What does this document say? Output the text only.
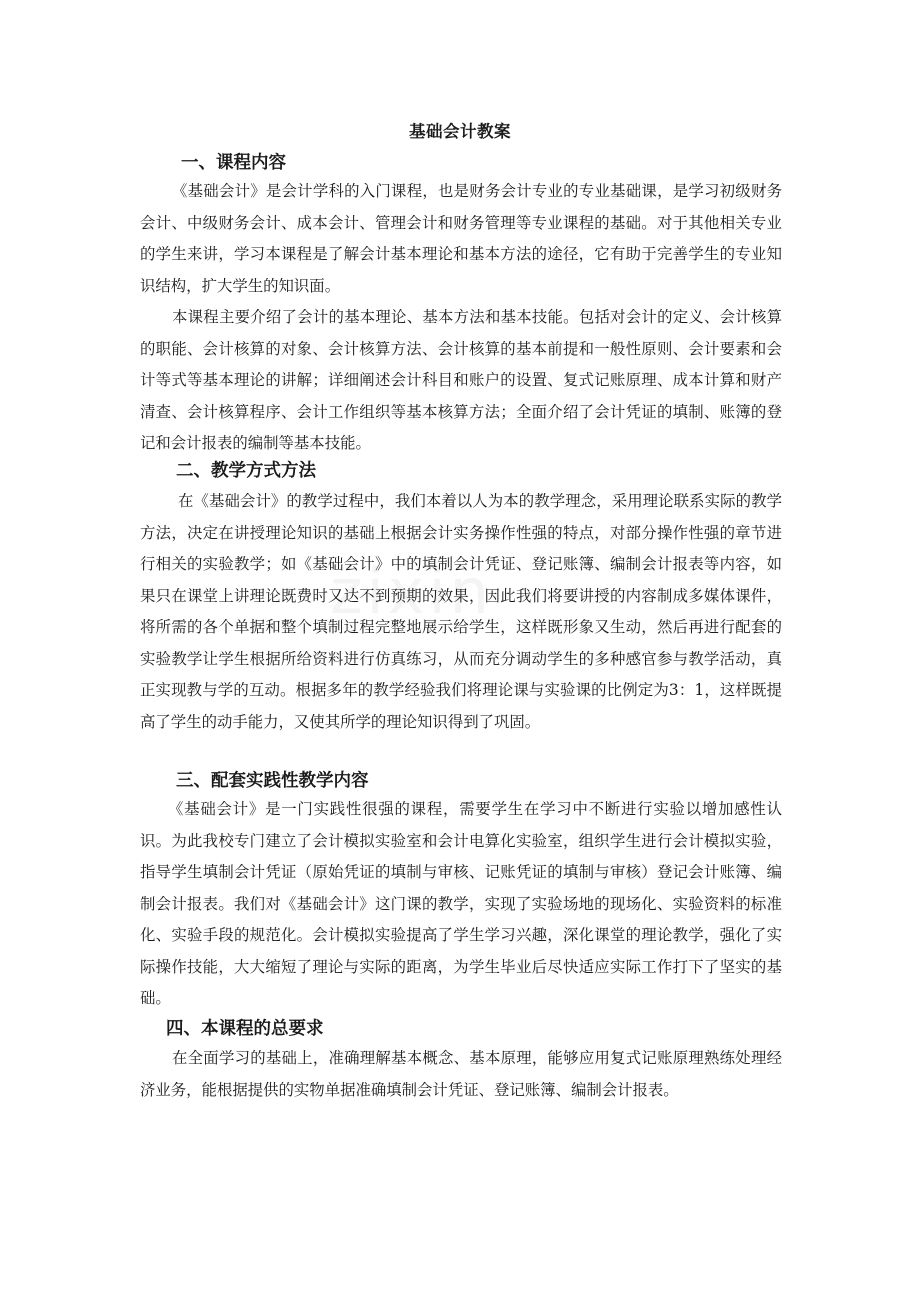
zixin
基础会计教案
一、课程内容
《基础会计》是会计学科的入门课程，也是财务会计专业的专业基础课，是学习初级财务会计、中级财务会计、成本会计、管理会计和财务管理等专业课程的基础。对于其他相关专业的学生来讲，学习本课程是了解会计基本理论和基本方法的途径，它有助于完善学生的专业知识结构，扩大学生的知识面。
本课程主要介绍了会计的基本理论、基本方法和基本技能。包括对会计的定义、会计核算的职能、会计核算的对象、会计核算方法、会计核算的基本前提和一般性原则、会计要素和会计等式等基本理论的讲解；详细阐述会计科目和账户的设置、复式记账原理、成本计算和财产清查、会计核算程序、会计工作组织等基本核算方法；全面介绍了会计凭证的填制、账簿的登记和会计报表的编制等基本技能。
二、教学方式方法
在《基础会计》的教学过程中，我们本着以人为本的教学理念，采用理论联系实际的教学方法，决定在讲授理论知识的基础上根据会计实务操作性强的特点，对部分操作性强的章节进行相关的实验教学；如《基础会计》中的填制会计凭证、登记账簿、编制会计报表等内容，如果只在课堂上讲理论既费时又达不到预期的效果，因此我们将要讲授的内容制成多媒体课件，将所需的各个单据和整个填制过程完整地展示给学生，这样既形象又生动，然后再进行配套的实验教学让学生根据所给资料进行仿真练习，从而充分调动学生的多种感官参与教学活动，真正实现教与学的互动。根据多年的教学经验我们将理论课与实验课的比例定为3：1，这样既提高了学生的动手能力，又使其所学的理论知识得到了巩固。
三、配套实践性教学内容
《基础会计》是一门实践性很强的课程，需要学生在学习中不断进行实验以增加感性认识。为此我校专门建立了会计模拟实验室和会计电算化实验室，组织学生进行会计模拟实验，指导学生填制会计凭证（原始凭证的填制与审核、记账凭证的填制与审核）登记会计账簿、编制会计报表。我们对《基础会计》这门课的教学，实现了实验场地的现场化、实验资料的标准化、实验手段的规范化。会计模拟实验提高了学生学习兴趣，深化课堂的理论教学，强化了实际操作技能，大大缩短了理论与实际的距离，为学生毕业后尽快适应实际工作打下了坚实的基础。
四、本课程的总要求
在全面学习的基础上，准确理解基本概念、基本原理，能够应用复式记账原理熟练处理经济业务，能根据提供的实物单据准确填制会计凭证、登记账簿、编制会计报表。
